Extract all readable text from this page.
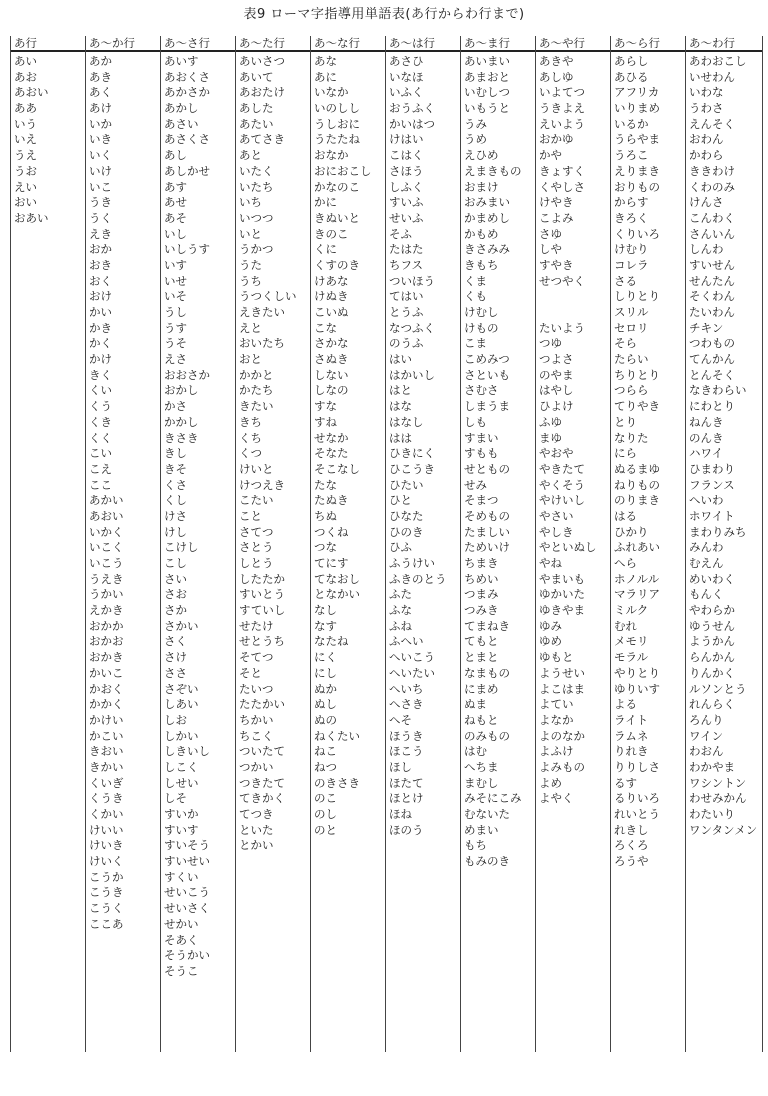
表9 ローマ字指導用単語表(あ行からわ行まで)
あ行
あい
あお
あおい
ああ
いう
いえ
うえ
うお
えい
おい
おあい
あ〜か行
あか
あき
あく
あけ
いか
いき
いく
いけ
いこ
うき
うく
えき
おか
おき
おく
おけ
かい
かき
かく
かけ
きく
くい
くう
くき
くく
こい
こえ
ここ
あかい
あおい
いかく
いこく
いこう
うえき
うかい
えかき
おかか
おかお
おかき
かいこ
かおく
かかく
かけい
かこい
きおい
きかい
くいぎ
くうき
くかい
けいい
けいき
けいく
こうか
こうき
こうく
ここあ
あ〜さ行
あいす
あおくさ
あかさか
あかし
あさい
あさくさ
あし
あしかせ
あす
あせ
あそ
いし
いしうす
いす
いせ
いそ
うし
うす
うそ
えさ
おおさか
おかし
かさ
かかし
きさき
きし
きそ
くさ
くし
けさ
けし
こけし
こし
さい
さお
さか
さかい
さく
さけ
ささ
さぞい
しあい
しお
しかい
しきいし
しこく
しせい
しそ
すいか
すいす
すいそう
すいせい
すくい
せいこう
せいさく
せかい
そあく
そうかい
そうこ
あ〜た行
あいさつ
あいて
あおたけ
あした
あたい
あてさき
あと
いたく
いたち
いち
いつつ
いと
うかつ
うた
うち
うつくしい
えきたい
えと
おいたち
おと
かかと
かたち
きたい
きち
くち
くつ
けいと
けつえき
こたい
こと
さてつ
さとう
しとう
したたか
すいとう
すていし
せたけ
せとうち
そてつ
そと
たいつ
たたかい
ちかい
ちこく
ついたて
つかい
つきたて
てきかく
てつき
といた
とかい
あ〜な行
あな
あに
いなか
いのしし
うしおに
うたたね
おなか
おにおこし
かなのこ
かに
きぬいと
きのこ
くに
くすのき
けあな
けぬき
こいぬ
こな
さかな
さぬき
しない
しなの
すな
すね
せなか
そなた
そこなし
たな
たぬき
ちぬ
つくね
つな
てにす
てなおし
となかい
なし
なす
なたね
にく
にし
ぬか
ぬし
ぬの
ねくたい
ねこ
ねつ
のきさき
のこ
のし
のと
あ〜は行
あさひ
いなほ
いふく
おうふく
かいはつ
けはい
こはく
さほう
しふく
すいふ
せいふ
そふ
たはた
ちフス
ついほう
てはい
とうふ
なつふく
のうふ
はい
はかいし
はと
はな
はなし
はは
ひきにく
ひこうき
ひたい
ひと
ひなた
ひのき
ひふ
ふうけい
ふきのとう
ふた
ふな
ふね
ふへい
へいこう
へいたい
へいち
へさき
へそ
ほうき
ほこう
ほし
ほたて
ほとけ
ほね
ほのう
あ〜ま行
あいまい
あまおと
いむしつ
いもうと
うみ
うめ
えひめ
えまきもの
おまけ
おみまい
かまめし
かもめ
きさみみ
きもち
くま
くも
けむし
けもの
こま
こめみつ
さといも
さむさ
しまうま
しも
すまい
すもも
せともの
せみ
そまつ
そめもの
たましい
ためいけ
ちまき
ちめい
つまみ
つみき
てまねき
てもと
とまと
なまもの
にまめ
ぬま
ねもと
のみもの
はむ
へちま
まむし
みそにこみ
むないた
めまい
もち
もみのき
あ〜や行
あきや
あしゆ
いよてつ
うきよえ
えいよう
おかゆ
かや
きょすく
くやしさ
けやき
こよみ
さゆ
しや
すやき
せつやく
たいよう
つゆ
つよさ
のやま
はやし
ひよけ
ふゆ
まゆ
やおや
やきたて
やくそう
やけいし
やさい
やしき
やといぬし
やね
やまいも
ゆかいた
ゆきやま
ゆみ
ゆめ
ゆもと
ようせい
よこはま
よてい
よなか
よのなか
よふけ
よみもの
よめ
よやく
あ〜ら行
あらし
あひる
アフリカ
いりまめ
いるか
うらやま
うろこ
えりまき
おりもの
からす
きろく
くりいろ
けむり
コレラ
さる
しりとり
スリル
セロリ
そら
たらい
ちりとり
つらら
てりやき
とり
なりた
にら
ぬるまゆ
ねりもの
のりまき
はる
ひかり
ふれあい
へら
ホノルル
マラリア
ミルク
むれ
メモリ
モラル
やりとり
ゆりいす
よる
ライト
ラムネ
りれき
りりしさ
るす
るりいろ
れいとう
れきし
ろくろ
ろうや
あ〜わ行
あわおこし
いせわん
いわな
うわさ
えんそく
おわん
かわら
ききわけ
くわのみ
けんさ
こんわく
さんいん
しんわ
すいせん
せんたん
そくわん
たいわん
チキン
つわもの
てんかん
とんそく
なきわらい
にわとり
ねんき
のんき
ハワイ
ひまわり
フランス
へいわ
ホワイト
まわりみち
みんわ
むえん
めいわく
もんく
やわらか
ゆうせん
ようかん
らんかん
りんかく
ルソンとう
れんらく
ろんり
ワイン
わおん
わかやま
ワシントン
わせみかん
わたいり
ワンタンメン
